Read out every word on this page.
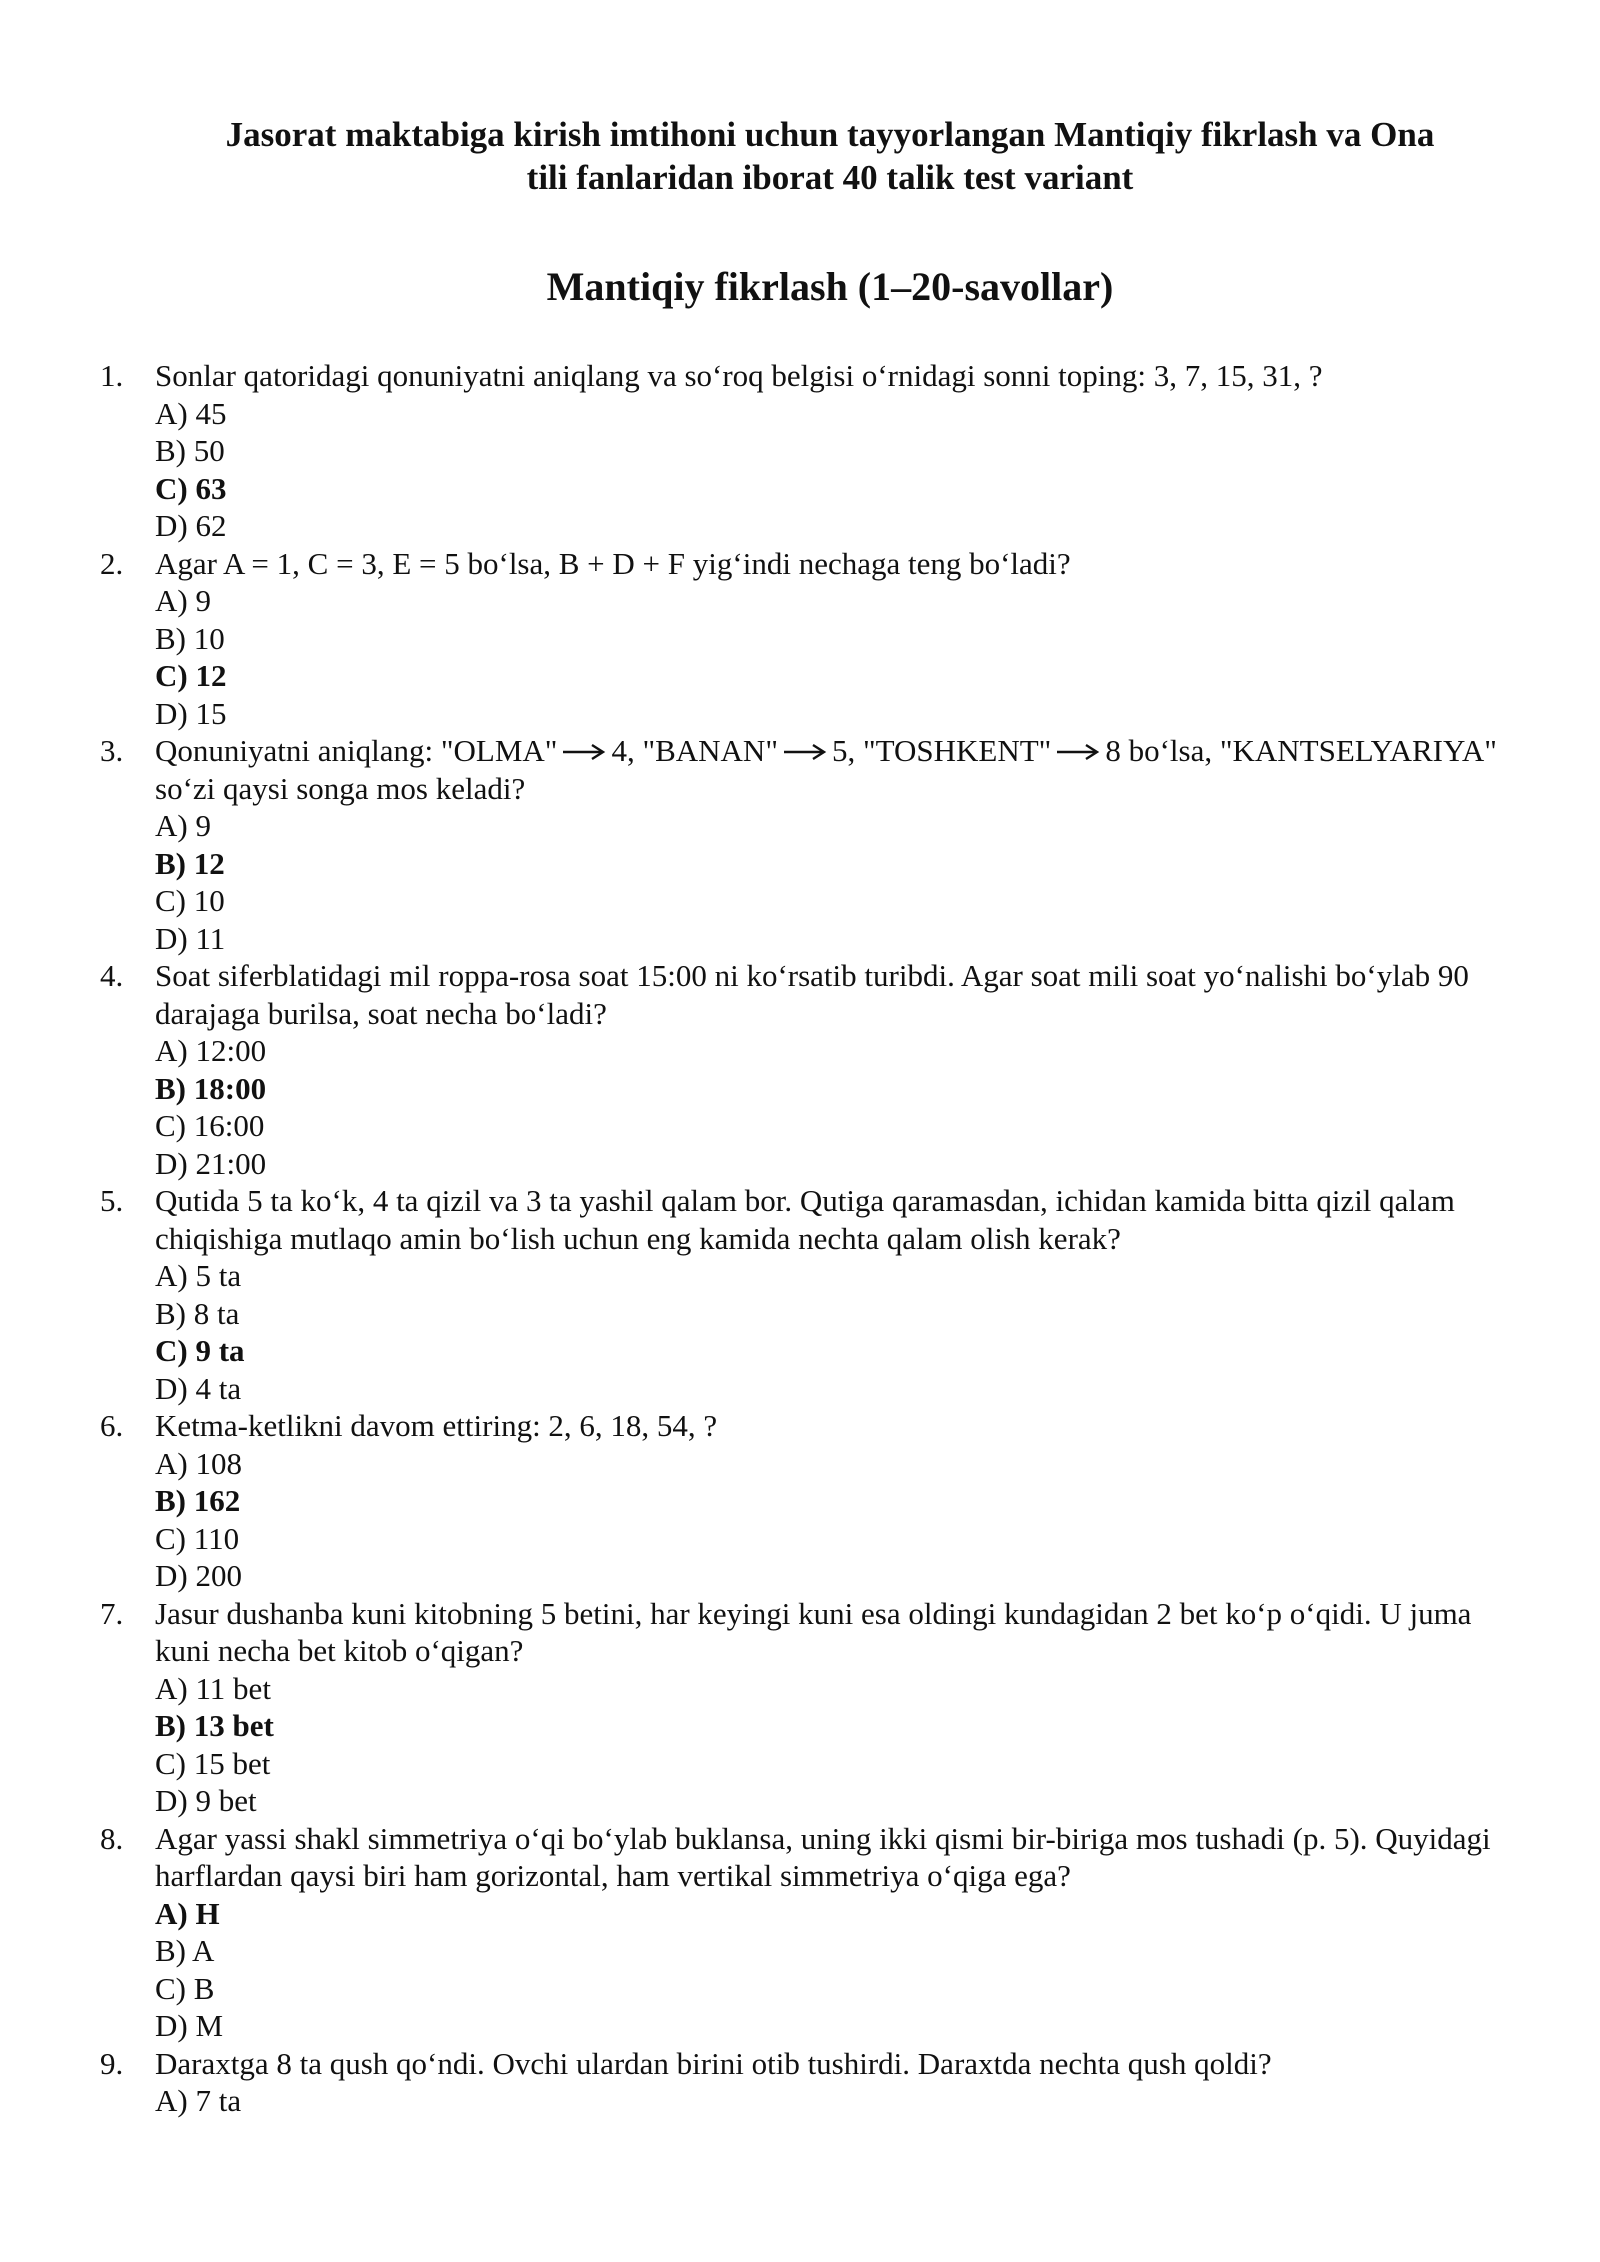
Jasorat maktabiga kirish imtihoni uchun tayyorlangan Mantiqiy fikrlash va Ona
tili fanlaridan iborat 40 talik test variant
Mantiqiy fikrlash (1–20-savollar)
1. Sonlar qatoridagi qonuniyatni aniqlang va so‘roq belgisi o‘rnidagi sonni toping: 3, 7, 15, 31, ?
A) 45
B) 50
C) 63
D) 62
2. Agar A = 1, C = 3, E = 5 bo‘lsa, B + D + F yig‘indi nechaga teng bo‘ladi?
A) 9
B) 10
C) 12
D) 15
3. Qonuniyatni aniqlang: "OLMA" 4, "BANAN" 5, "TOSHKENT" 8 bo‘lsa, "KANTSELYARIYA" so‘zi qaysi songa mos keladi?
A) 9
B) 12
C) 10
D) 11
4. Soat siferblatidagi mil roppa-rosa soat 15:00 ni ko‘rsatib turibdi. Agar soat mili soat yo‘nalishi bo‘ylab 90 darajaga burilsa, soat necha bo‘ladi?
A) 12:00
B) 18:00
C) 16:00
D) 21:00
5. Qutida 5 ta ko‘k, 4 ta qizil va 3 ta yashil qalam bor. Qutiga qaramasdan, ichidan kamida bitta qizil qalam chiqishiga mutlaqo amin bo‘lish uchun eng kamida nechta qalam olish kerak?
A) 5 ta
B) 8 ta
C) 9 ta
D) 4 ta
6. Ketma-ketlikni davom ettiring: 2, 6, 18, 54, ?
A) 108
B) 162
C) 110
D) 200
7. Jasur dushanba kuni kitobning 5 betini, har keyingi kuni esa oldingi kundagidan 2 bet ko‘p o‘qidi. U juma kuni necha bet kitob o‘qigan?
A) 11 bet
B) 13 bet
C) 15 bet
D) 9 bet
8. Agar yassi shakl simmetriya o‘qi bo‘ylab buklansa, uning ikki qismi bir-biriga mos tushadi (p. 5). Quyidagi harflardan qaysi biri ham gorizontal, ham vertikal simmetriya o‘qiga ega?
A) H
B) A
C) B
D) M
9. Daraxtga 8 ta qush qo‘ndi. Ovchi ulardan birini otib tushirdi. Daraxtda nechta qush qoldi?
A) 7 ta
